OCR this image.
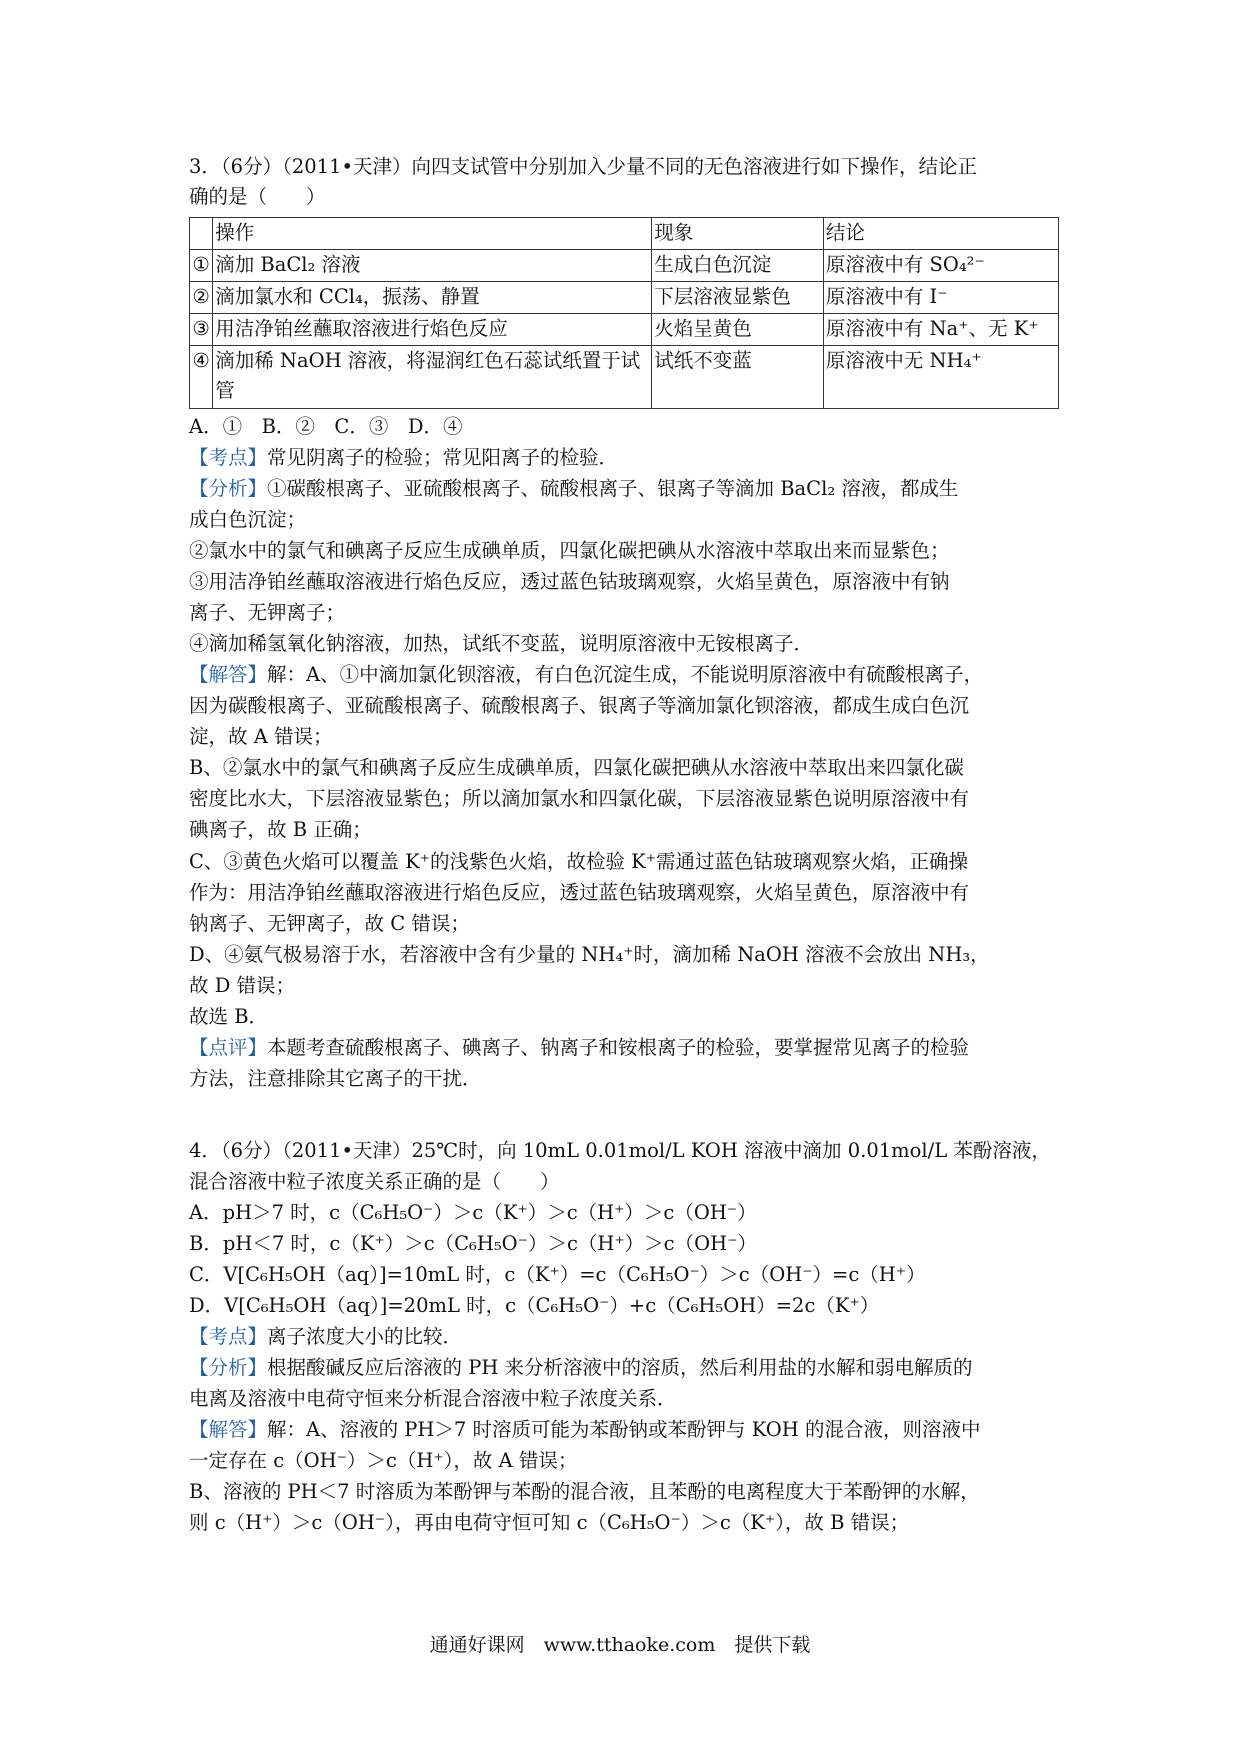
3．（6分）（2011•天津）向四支试管中分别加入少量不同的无色溶液进行如下操作，结论正
确的是（　　）
	操作	现象	结论
①	滴加 BaCl₂ 溶液	生成白色沉淀	原溶液中有 SO₄²⁻
②	滴加氯水和 CCl₄，振荡、静置	下层溶液显紫色	原溶液中有 I⁻
③	用洁净铂丝蘸取溶液进行焰色反应	火焰呈黄色	原溶液中有 Na⁺、无 K⁺
④	滴加稀 NaOH 溶液，将湿润红色石蕊试纸置于试管	试纸不变蓝	原溶液中无 NH₄⁺
A．①　B．②　C．③　D．④
【考点】常见阴离子的检验；常见阳离子的检验．
【分析】①碳酸根离子、亚硫酸根离子、硫酸根离子、银离子等滴加 BaCl₂ 溶液，都成生
成白色沉淀；
②氯水中的氯气和碘离子反应生成碘单质，四氯化碳把碘从水溶液中萃取出来而显紫色；
③用洁净铂丝蘸取溶液进行焰色反应，透过蓝色钴玻璃观察，火焰呈黄色，原溶液中有钠
离子、无钾离子；
④滴加稀氢氧化钠溶液，加热，试纸不变蓝，说明原溶液中无铵根离子．
【解答】解：A、①中滴加氯化钡溶液，有白色沉淀生成，不能说明原溶液中有硫酸根离子，
因为碳酸根离子、亚硫酸根离子、硫酸根离子、银离子等滴加氯化钡溶液，都成生成白色沉
淀，故 A 错误；
B、②氯水中的氯气和碘离子反应生成碘单质，四氯化碳把碘从水溶液中萃取出来四氯化碳
密度比水大，下层溶液显紫色；所以滴加氯水和四氯化碳，下层溶液显紫色说明原溶液中有
碘离子，故 B 正确；
C、③黄色火焰可以覆盖 K⁺的浅紫色火焰，故检验 K⁺需通过蓝色钴玻璃观察火焰，正确操
作为：用洁净铂丝蘸取溶液进行焰色反应，透过蓝色钴玻璃观察，火焰呈黄色，原溶液中有
钠离子、无钾离子，故 C 错误；
D、④氨气极易溶于水，若溶液中含有少量的 NH₄⁺时，滴加稀 NaOH 溶液不会放出 NH₃，
故 D 错误；
故选 B．
【点评】本题考查硫酸根离子、碘离子、钠离子和铵根离子的检验，要掌握常见离子的检验
方法，注意排除其它离子的干扰．
4．（6分）（2011•天津）25℃时，向 10mL 0.01mol/L KOH 溶液中滴加 0.01mol/L 苯酚溶液，
混合溶液中粒子浓度关系正确的是（　　）
A．pH＞7 时，c（C₆H₅O⁻）＞c（K⁺）＞c（H⁺）＞c（OH⁻）
B．pH＜7 时，c（K⁺）＞c（C₆H₅O⁻）＞c（H⁺）＞c（OH⁻）
C．V[C₆H₅OH（aq）]=10mL 时，c（K⁺）=c（C₆H₅O⁻）＞c（OH⁻）=c（H⁺）
D．V[C₆H₅OH（aq）]=20mL 时，c（C₆H₅O⁻）+c（C₆H₅OH）=2c（K⁺）
【考点】离子浓度大小的比较．
【分析】根据酸碱反应后溶液的 PH 来分析溶液中的溶质，然后利用盐的水解和弱电解质的
电离及溶液中电荷守恒来分析混合溶液中粒子浓度关系．
【解答】解：A、溶液的 PH＞7 时溶质可能为苯酚钠或苯酚钾与 KOH 的混合液，则溶液中
一定存在 c（OH⁻）＞c（H⁺），故 A 错误；
B、溶液的 PH＜7 时溶质为苯酚钾与苯酚的混合液，且苯酚的电离程度大于苯酚钾的水解，
则 c（H⁺）＞c（OH⁻），再由电荷守恒可知 c（C₆H₅O⁻）＞c（K⁺），故 B 错误；
通通好课网　www.tthaoke.com　提供下载
